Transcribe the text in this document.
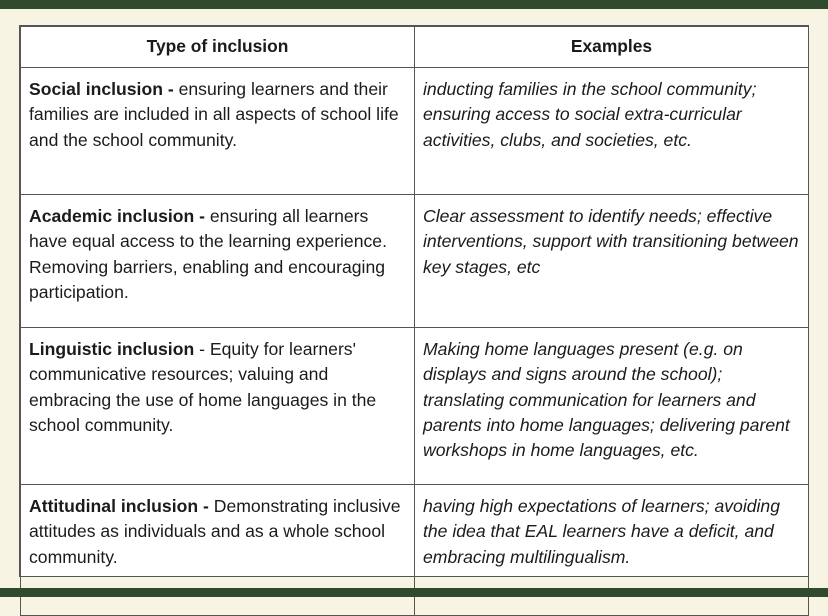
Type of inclusion	Examples
Social inclusion - ensuring learners and their families are included in all aspects of school life and the school community.	inducting families in the school community; ensuring access to social extra-curricular activities, clubs, and societies, etc.
Academic inclusion - ensuring all learners have equal access to the learning experience. Removing barriers, enabling and encouraging participation.	Clear assessment to identify needs; effective interventions, support with transitioning between key stages, etc
Linguistic inclusion - Equity for learners' communicative resources; valuing and embracing the use of home languages in the school community.	Making home languages present (e.g. on displays and signs around the school); translating communication for learners and parents into home languages; delivering parent workshops in home languages, etc.
Attitudinal inclusion - Demonstrating inclusive attitudes as individuals and as a whole school community.	having high expectations of learners; avoiding the idea that EAL learners have a deficit, and embracing multilingualism.
